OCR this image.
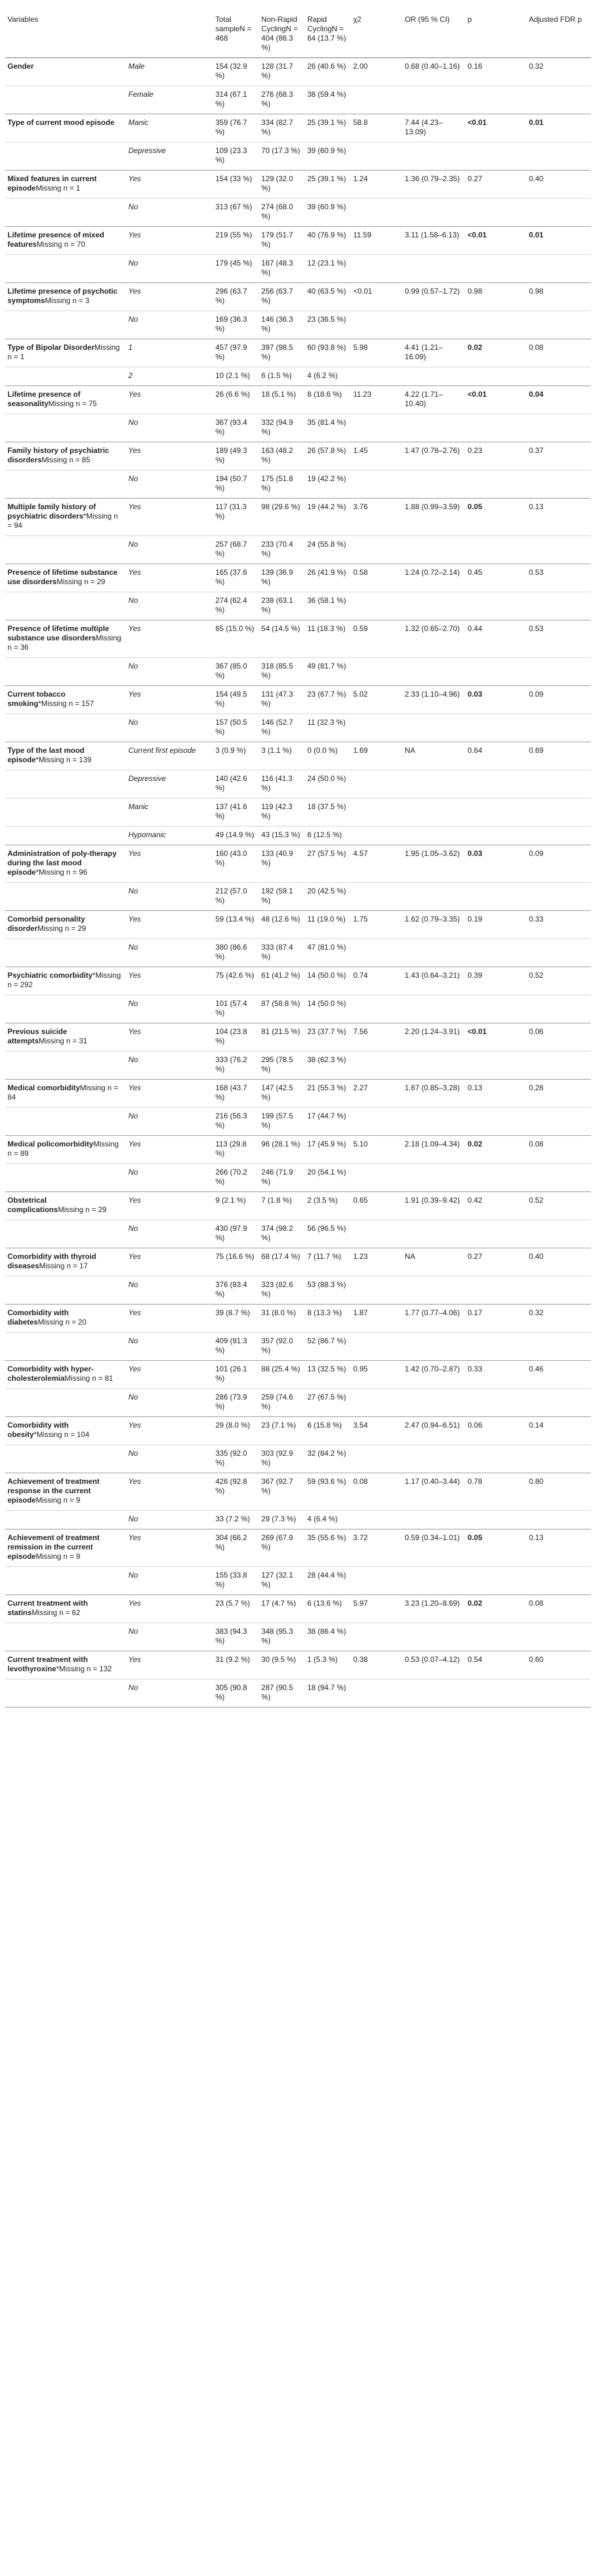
Variables		Total sampleN = 468	Non-Rapid CyclingN = 404 (86.3 %)	Rapid CyclingN = 64 (13.7 %)	χ2	OR (95 % CI)	p	Adjusted FDR p
Gender	Male	154 (32.9 %)	128 (31.7 %)	26 (40.6 %)	2.00	0.68 (0.40–1.16)	0.16	0.32
	Female	314 (67.1 %)	276 (68.3 %)	38 (59.4 %)				
Type of current mood episode	Manic	359 (76.7 %)	334 (82.7 %)	25 (39.1 %)	58.8	7.44 (4.23–13.09)	<0.01	0.01
	Depressive	109 (23.3 %)	70 (17.3 %)	39 (60.9 %)				
Mixed features in current episodeMissing n = 1	Yes	154 (33 %)	129 (32.0 %)	25 (39.1 %)	1.24	1.36 (0.79–2.35)	0.27	0.40
	No	313 (67 %)	274 (68.0 %)	39 (60.9 %)				
Lifetime presence of mixed featuresMissing n = 70	Yes	219 (55 %)	179 (51.7 %)	40 (76.9 %)	11.59	3.11 (1.58–6.13)	<0.01	0.01
	No	179 (45 %)	167 (48.3 %)	12 (23.1 %)				
Lifetime presence of psychotic symptomsMissing n = 3	Yes	296 (63.7 %)	256 (63.7 %)	40 (63.5 %)	<0.01	0.99 (0.57–1.72)	0.98	0.98
	No	169 (36.3 %)	146 (36.3 %)	23 (36.5 %)				
Type of Bipolar DisorderMissing n = 1	1	457 (97.9 %)	397 (98.5 %)	60 (93.8 %)	5.98	4.41 (1.21–16.09)	0.02	0.08
	2	10 (2.1 %)	6 (1.5 %)	4 (6.2 %)				
Lifetime presence of seasonalityMissing n = 75	Yes	26 (6.6 %)	18 (5.1 %)	8 (18.6 %)	11.23	4.22 (1.71–10.40)	<0.01	0.04
	No	367 (93.4 %)	332 (94.9 %)	35 (81.4 %)				
Family history of psychiatric disordersMissing n = 85	Yes	189 (49.3 %)	163 (48.2 %)	26 (57.8 %)	1.45	1.47 (0.78–2.76)	0.23	0.37
	No	194 (50.7 %)	175 (51.8 %)	19 (42.2 %)				
Multiple family history of psychiatric disorders*Missing n = 94	Yes	117 (31.3 %)	98 (29.6 %)	19 (44.2 %)	3.76	1.88 (0.99–3.59)	0.05	0.13
	No	257 (68.7 %)	233 (70.4 %)	24 (55.8 %)				
Presence of lifetime substance use disordersMissing n = 29	Yes	165 (37.6 %)	139 (36.9 %)	26 (41.9 %)	0.58	1.24 (0.72–2.14)	0.45	0.53
	No	274 (62.4 %)	238 (63.1 %)	36 (58.1 %)				
Presence of lifetime multiple substance use disordersMissing n = 36	Yes	65 (15.0 %)	54 (14.5 %)	11 (18.3 %)	0.59	1.32 (0.65–2.70)	0.44	0.53
	No	367 (85.0 %)	318 (85.5 %)	49 (81.7 %)				
Current tobacco smoking*Missing n = 157	Yes	154 (49.5 %)	131 (47.3 %)	23 (67.7 %)	5.02	2.33 (1.10–4.96)	0.03	0.09
	No	157 (50.5 %)	146 (52.7 %)	11 (32.3 %)				
Type of the last mood episode*Missing n = 139	Current first episode	3 (0.9 %)	3 (1.1 %)	0 (0.0 %)	1.69	NA	0.64	0.69
	Depressive	140 (42.6 %)	116 (41.3 %)	24 (50.0 %)				
	Manic	137 (41.6 %)	119 (42.3 %)	18 (37.5 %)				
	Hypomanic	49 (14.9 %)	43 (15.3 %)	6 (12.5 %)				
Administration of poly-therapy during the last mood episode*Missing n = 96	Yes	160 (43.0 %)	133 (40.9 %)	27 (57.5 %)	4.57	1.95 (1.05–3.62)	0.03	0.09
	No	212 (57.0 %)	192 (59.1 %)	20 (42.5 %)				
Comorbid personality disorderMissing n = 29	Yes	59 (13.4 %)	48 (12.6 %)	11 (19.0 %)	1.75	1.62 (0.79–3.35)	0.19	0.33
	No	380 (86.6 %)	333 (87.4 %)	47 (81.0 %)				
Psychiatric comorbidity*Missing n = 292	Yes	75 (42.6 %)	61 (41.2 %)	14 (50.0 %)	0.74	1.43 (0.64–3.21)	0.39	0.52
	No	101 (57.4 %)	87 (58.8 %)	14 (50.0 %)				
Previous suicide attemptsMissing n = 31	Yes	104 (23.8 %)	81 (21.5 %)	23 (37.7 %)	7.56	2.20 (1.24–3.91)	<0.01	0.06
	No	333 (76.2 %)	295 (78.5 %)	38 (62.3 %)				
Medical comorbidityMissing n = 84	Yes	168 (43.7 %)	147 (42.5 %)	21 (55.3 %)	2.27	1.67 (0.85–3.28)	0.13	0.28
	No	216 (56.3 %)	199 (57.5 %)	17 (44.7 %)				
Medical policomorbidityMissing n = 89	Yes	113 (29.8 %)	96 (28.1 %)	17 (45.9 %)	5.10	2.18 (1.09–4.34)	0.02	0.08
	No	266 (70.2 %)	246 (71.9 %)	20 (54.1 %)				
Obstetrical complicationsMissing n = 29	Yes	9 (2.1 %)	7 (1.8 %)	2 (3.5 %)	0.65	1.91 (0.39–9.42)	0.42	0.52
	No	430 (97.9 %)	374 (98.2 %)	56 (96.5 %)				
Comorbidity with thyroid diseasesMissing n = 17	Yes	75 (16.6 %)	68 (17.4 %)	7 (11.7 %)	1.23	NA	0.27	0.40
	No	376 (83.4 %)	323 (82.6 %)	53 (88.3 %)				
Comorbidity with diabetesMissing n = 20	Yes	39 (8.7 %)	31 (8.0 %)	8 (13.3 %)	1.87	1.77 (0.77–4.06)	0.17	0.32
	No	409 (91.3 %)	357 (92.0 %)	52 (86.7 %)				
Comorbidity with hyper-cholesterolemiaMissing n = 81	Yes	101 (26.1 %)	88 (25.4 %)	13 (32.5 %)	0.95	1.42 (0.70–2.87)	0.33	0.46
	No	286 (73.9 %)	259 (74.6 %)	27 (67.5 %)				
Comorbidity with obesity*Missing n = 104	Yes	29 (8.0 %)	23 (7.1 %)	6 (15.8 %)	3.54	2.47 (0.94–6.51)	0.06	0.14
	No	335 (92.0 %)	303 (92.9 %)	32 (84.2 %)				
Achievement of treatment response in the current episodeMissing n = 9	Yes	426 (92.8 %)	367 (92.7 %)	59 (93.6 %)	0.08	1.17 (0.40–3.44)	0.78	0.80
	No	33 (7.2 %)	29 (7.3 %)	4 (6.4 %)				
Achievement of treatment remission in the current episodeMissing n = 9	Yes	304 (66.2 %)	269 (67.9 %)	35 (55.6 %)	3.72	0.59 (0.34–1.01)	0.05	0.13
	No	155 (33.8 %)	127 (32.1 %)	28 (44.4 %)				
Current treatment with statinsMissing n = 62	Yes	23 (5.7 %)	17 (4.7 %)	6 (13.6 %)	5.97	3.23 (1.20–8.69)	0.02	0.08
	No	383 (94.3 %)	348 (95.3 %)	38 (86.4 %)				
Current treatment with levothyroxine*Missing n = 132	Yes	31 (9.2 %)	30 (9.5 %)	1 (5.3 %)	0.38	0.53 (0.07–4.12)	0.54	0.60
	No	305 (90.8 %)	287 (90.5 %)	18 (94.7 %)				
